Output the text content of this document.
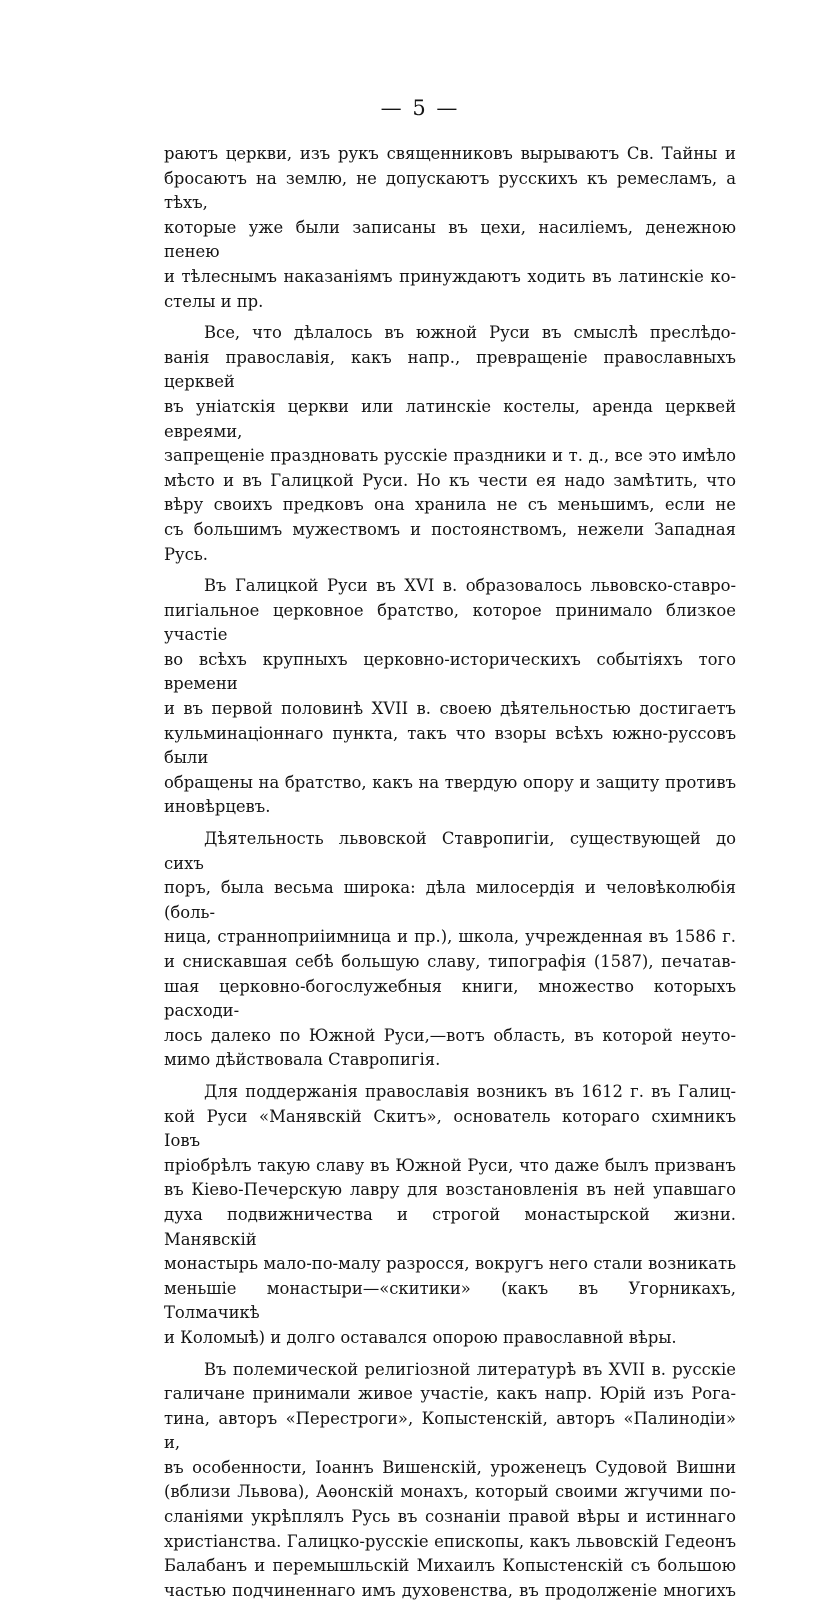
— 5 —
раютъ церкви, изъ рукъ священниковъ вырываютъ Св. Тайны и
бросаютъ на землю, не допускаютъ русскихъ къ ремесламъ, а тѣхъ,
которые уже были записаны въ цехи, насиліемъ, денежною пенею
и тѣлеснымъ наказаніямъ принуждаютъ ходить въ латинскіе ко-
стелы и пр.
Все, что дѣлалось въ южной Руси въ смыслѣ преслѣдо-
ванія православія, какъ напр., превращеніе православныхъ церквей
въ уніатскія церкви или латинскіе костелы, аренда церквей евреями,
запрещеніе праздновать русскіе праздники и т. д., все это имѣло
мѣсто и въ Галицкой Руси. Но къ чести ея надо замѣтить, что
вѣру своихъ предковъ она хранила не съ меньшимъ, если не
съ большимъ мужествомъ и постоянствомъ, нежели Западная Русь.
Въ Галицкой Руси въ XVI в. образовалось львовско-ставро-
пигіальное церковное братство, которое принимало близкое участіе
во всѣхъ крупныхъ церковно-историческихъ событіяхъ того времени
и въ первой половинѣ XVII в. своею дѣятельностью достигаетъ
кульминаціоннаго пункта, такъ что взоры всѣхъ южно-руссовъ были
обращены на братство, какъ на твердую опору и защиту противъ
иновѣрцевъ.
Дѣятельность львовской Ставропигіи, существующей до сихъ
поръ, была весьма широка: дѣла милосердія и человѣколюбія (боль-
ница, странноприіимница и пр.), школа, учрежденная въ 1586 г.
и снискавшая себѣ большую славу, типографія (1587), печатав-
шая церковно-богослужебныя книги, множество которыхъ расходи-
лось далеко по Южной Руси,—вотъ область, въ которой неуто-
мимо дѣйствовала Ставропигія.
Для поддержанія православія возникъ въ 1612 г. въ Галиц-
кой Руси «Манявскій Скитъ», основатель котораго схимникъ Іовъ
пріобрѣлъ такую славу въ Южной Руси, что даже былъ призванъ
въ Кіево-Печерскую лавру для возстановленія въ ней упавшаго
духа подвижничества и строгой монастырской жизни. Манявскій
монастырь мало-по-малу разросся, вокругъ него стали возникать
меньшіе монастыри—«скитики» (какъ въ Угорникахъ, Толмачикѣ
и Коломыѣ) и долго оставался опорою православной вѣры.
Въ полемической религіозной литературѣ въ XVII в. русскіе
галичане принимали живое участіе, какъ напр. Юрій изъ Рога-
тина, авторъ «Перестроги», Копыстенскій, авторъ «Палинодіи» и,
въ особенности, Іоаннъ Вишенскій, уроженецъ Судовой Вишни
(вблизи Львова), Аѳонскій монахъ, который своими жгучими по-
сланіями укрѣплялъ Русь въ сознаніи правой вѣры и истиннаго
христіанства. Галицко-русскіе епископы, какъ львовскій Гедеонъ
Балабанъ и перемышльскій Михаилъ Копыстенскій съ большою
частью подчиненнаго имъ духовенства, въ продолженіе многихъ
